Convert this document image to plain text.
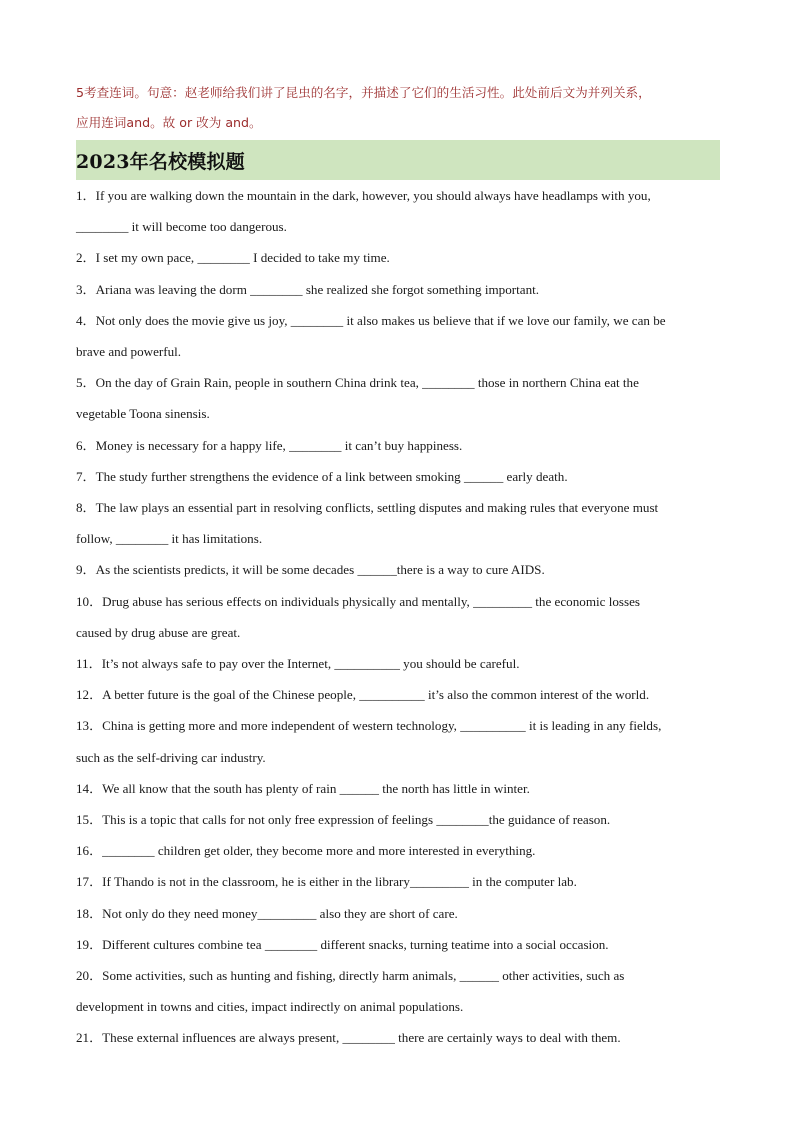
5考查连词。句意：赵老师给我们讲了昆虫的名字，并描述了它们的生活习性。此处前后文为并列关系，

应用连词and。故 or 改为 and。

2023年名校模拟题

1．If you are walking down the mountain in the dark, however, you should always have headlamps with you,

________ it will become too dangerous.

2．I set my own pace, ________ I decided to take my time.

3．Ariana was leaving the dorm ________ she realized she forgot something important.

4．Not only does the movie give us joy, ________ it also makes us believe that if we love our family, we can be

brave and powerful.

5．On the day of Grain Rain, people in southern China drink tea, ________ those in northern China eat the

vegetable Toona sinensis.

6．Money is necessary for a happy life, ________ it can’t buy happiness.

7．The study further strengthens the evidence of a link between smoking ______ early death.

8．The law plays an essential part in resolving conflicts, settling disputes and making rules that everyone must

follow, ________ it has limitations.

9．As the scientists predicts, it will be some decades ______there is a way to cure AIDS.

10．Drug abuse has serious effects on individuals physically and mentally, _________ the economic losses

caused by drug abuse are great.

11．It’s not always safe to pay over the Internet, __________ you should be careful.

12．A better future is the goal of the Chinese people, __________ it’s also the common interest of the world.

13．China is getting more and more independent of western technology, __________ it is leading in any fields,

such as the self-driving car industry.

14．We all know that the south has plenty of rain ______ the north has little in winter.

15．This is a topic that calls for not only free expression of feelings ________the guidance of reason.

16．________ children get older, they become more and more interested in everything.

17．If Thando is not in the classroom, he is either in the library_________ in the computer lab.

18．Not only do they need money_________ also they are short of care.

19．Different cultures combine tea ________ different snacks, turning teatime into a social occasion.

20．Some activities, such as hunting and fishing, directly harm animals, ______ other activities, such as

development in towns and cities, impact indirectly on animal populations.

21．These external influences are always present, ________ there are certainly ways to deal with them.
